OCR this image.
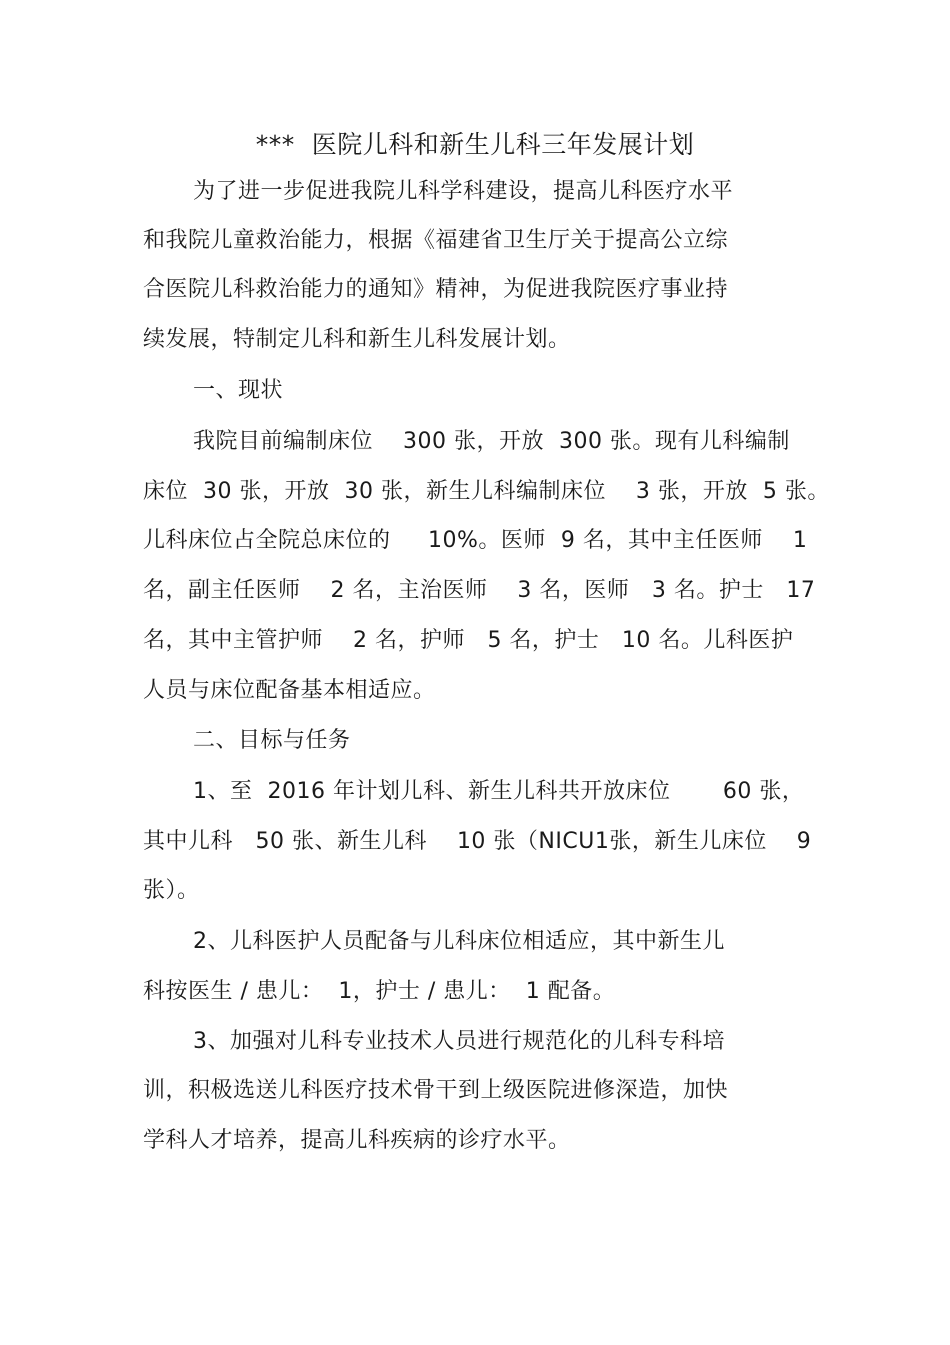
***  医院儿科和新生儿科三年发展计划
为了进一步促进我院儿科学科建设，提高儿科医疗水平
和我院儿童救治能力，根据《福建省卫生厅关于提高公立综
合医院儿科救治能力的通知》精神，为促进我院医疗事业持
续发展，特制定儿科和新生儿科发展计划。
一、现状
我院目前编制床位    300 张，开放  300 张。现有儿科编制
床位  30 张，开放  30 张，新生儿科编制床位    3 张，开放  5 张。
儿科床位占全院总床位的     10%。医师  9 名，其中主任医师    1
名，副主任医师    2 名，主治医师    3 名，医师   3 名。护士   17
名，其中主管护师    2 名，护师   5 名，护士   10 名。儿科医护
人员与床位配备基本相适应。
二、目标与任务
1、至  2016 年计划儿科、新生儿科共开放床位       60 张，
其中儿科   50 张、新生儿科    10 张（NICU1张，新生儿床位    9
张）。
2、儿科医护人员配备与儿科床位相适应，其中新生儿
科按医生 / 患儿：  1，护士 / 患儿：  1 配备。
3、加强对儿科专业技术人员进行规范化的儿科专科培
训，积极选送儿科医疗技术骨干到上级医院进修深造，加快
学科人才培养，提高儿科疾病的诊疗水平。
